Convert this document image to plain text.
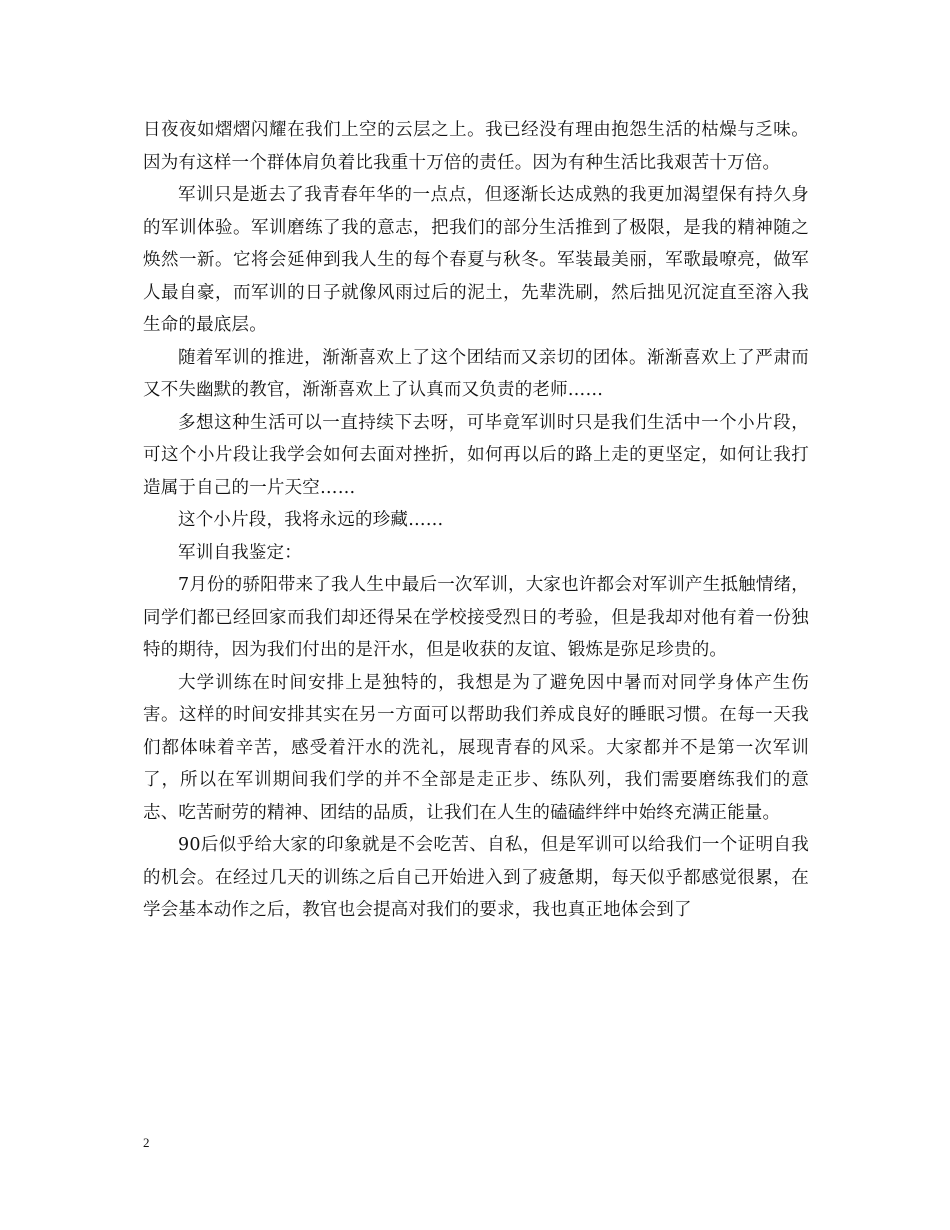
日夜夜如熠熠闪耀在我们上空的云层之上。我已经没有理由抱怨生活的枯燥与乏味。因为有这样一个群体肩负着比我重十万倍的责任。因为有种生活比我艰苦十万倍。

军训只是逝去了我青春年华的一点点，但逐渐长达成熟的我更加渴望保有持久身的军训体验。军训磨练了我的意志，把我们的部分生活推到了极限，是我的精神随之焕然一新。它将会延伸到我人生的每个春夏与秋冬。军装最美丽，军歌最嘹亮，做军人最自豪，而军训的日子就像风雨过后的泥土，先辈洗刷，然后拙见沉淀直至溶入我生命的最底层。

随着军训的推进，渐渐喜欢上了这个团结而又亲切的团体。渐渐喜欢上了严肃而又不失幽默的教官，渐渐喜欢上了认真而又负责的老师……

多想这种生活可以一直持续下去呀，可毕竟军训时只是我们生活中一个小片段，可这个小片段让我学会如何去面对挫折，如何再以后的路上走的更坚定，如何让我打造属于自己的一片天空……

这个小片段，我将永远的珍藏……

军训自我鉴定：

7月份的骄阳带来了我人生中最后一次军训，大家也许都会对军训产生抵触情绪，同学们都已经回家而我们却还得呆在学校接受烈日的考验，但是我却对他有着一份独特的期待，因为我们付出的是汗水，但是收获的友谊、锻炼是弥足珍贵的。

大学训练在时间安排上是独特的，我想是为了避免因中暑而对同学身体产生伤害。这样的时间安排其实在另一方面可以帮助我们养成良好的睡眠习惯。在每一天我们都体味着辛苦，感受着汗水的洗礼，展现青春的风采。大家都并不是第一次军训了，所以在军训期间我们学的并不全部是走正步、练队列，我们需要磨练我们的意志、吃苦耐劳的精神、团结的品质，让我们在人生的磕磕绊绊中始终充满正能量。

90后似乎给大家的印象就是不会吃苦、自私，但是军训可以给我们一个证明自我的机会。在经过几天的训练之后自己开始进入到了疲惫期，每天似乎都感觉很累，在学会基本动作之后，教官也会提高对我们的要求，我也真正地体会到了

2
